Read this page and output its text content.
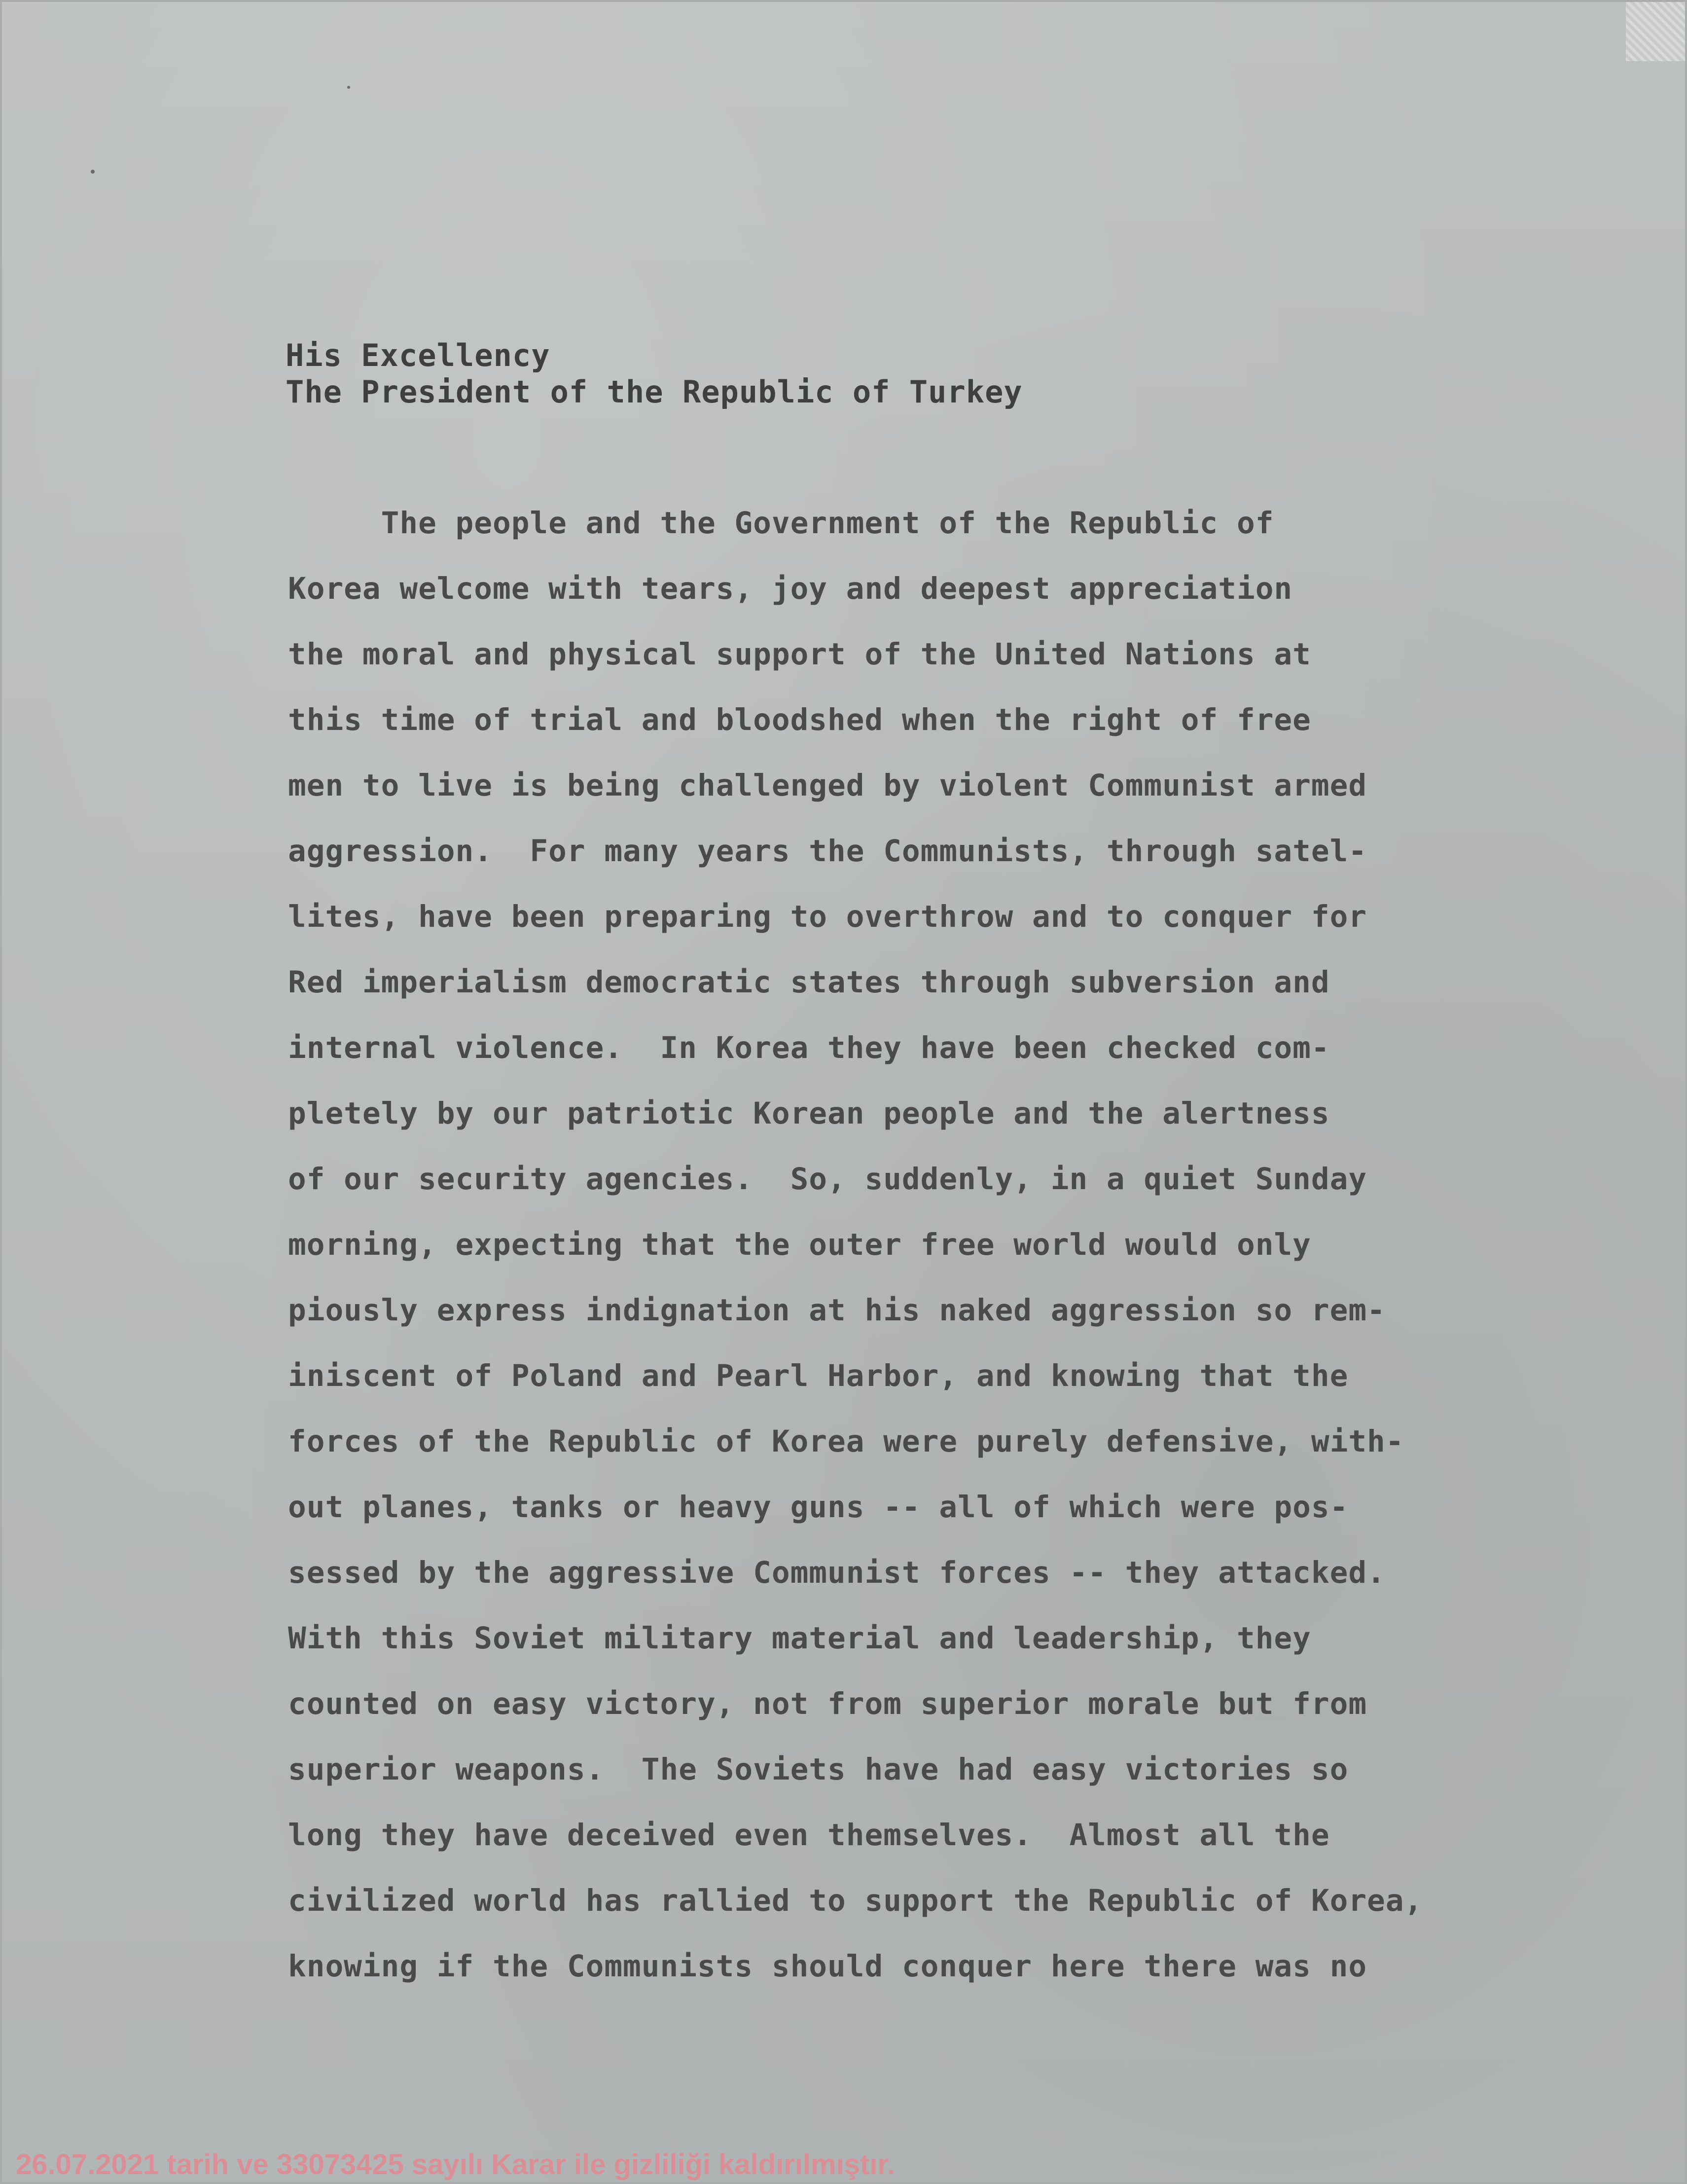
His Excellency
The President of the Republic of Turkey
The people and the Government of the Republic of
Korea welcome with tears, joy and deepest appreciation
the moral and physical support of the United Nations at
this time of trial and bloodshed when the right of free
men to live is being challenged by violent Communist armed
aggression.  For many years the Communists, through satel-
lites, have been preparing to overthrow and to conquer for
Red imperialism democratic states through subversion and
internal violence.  In Korea they have been checked com-
pletely by our patriotic Korean people and the alertness
of our security agencies.  So, suddenly, in a quiet Sunday
morning, expecting that the outer free world would only
piously express indignation at his naked aggression so rem-
iniscent of Poland and Pearl Harbor, and knowing that the
forces of the Republic of Korea were purely defensive, with-
out planes, tanks or heavy guns -- all of which were pos-
sessed by the aggressive Communist forces -- they attacked.
With this Soviet military material and leadership, they
counted on easy victory, not from superior morale but from
superior weapons.  The Soviets have had easy victories so
long they have deceived even themselves.  Almost all the
civilized world has rallied to support the Republic of Korea,
knowing if the Communists should conquer here there was no
26.07.2021 tarih ve 33073425 sayılı Karar ile gizliliği kaldırılmıştır.
